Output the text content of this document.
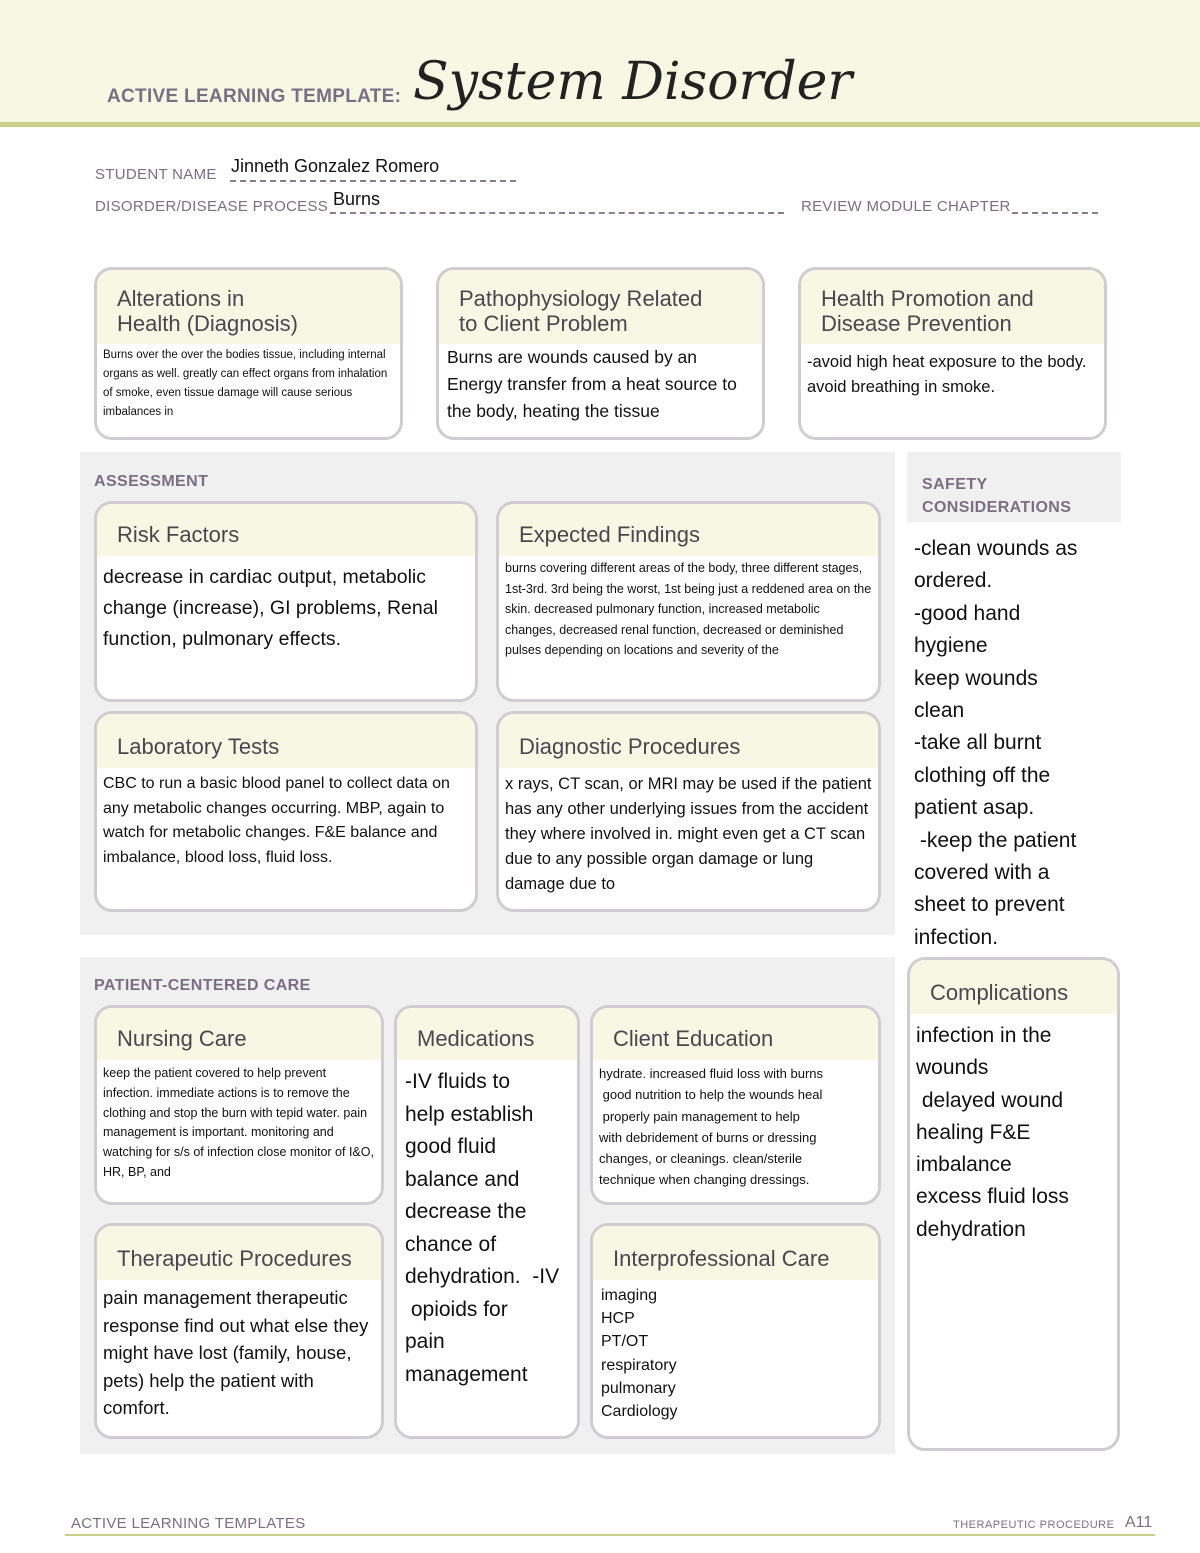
ACTIVE LEARNING TEMPLATE: System Disorder
STUDENT NAME Jinneth Gonzalez Romero
DISORDER/DISEASE PROCESS Burns	REVIEW MODULE CHAPTER
Alterations in
Health (Diagnosis)
Burns over the over the bodies tissue, including internal organs as well. greatly can effect organs from inhalation of smoke, even tissue damage will cause serious imbalances in
Pathophysiology Related
to Client Problem
Burns are wounds caused by an Energy transfer from a heat source to the body, heating the tissue
Health Promotion and
Disease Prevention
-avoid high heat exposure to the body. avoid breathing in smoke.
ASSESSMENT
Risk Factors
decrease in cardiac output, metabolic change (increase), GI problems, Renal function, pulmonary effects.
Expected Findings
burns covering different areas of the body, three different stages, 1st-3rd. 3rd being the worst, 1st being just a reddened area on the skin. decreased pulmonary function, increased metabolic changes, decreased renal function, decreased or deminished pulses depending on locations and severity of the
Laboratory Tests
CBC to run a basic blood panel to collect data on any metabolic changes occurring. MBP, again to watch for metabolic changes. F&E balance and imbalance, blood loss, fluid loss.
Diagnostic Procedures
x rays, CT scan, or MRI may be used if the patient has any other underlying issues from the accident they where involved in. might even get a CT scan due to any possible organ damage or lung damage due to
SAFETY
CONSIDERATIONS
-clean wounds as
ordered.
-good hand
hygiene
keep wounds
clean
-take all burnt
clothing off the
patient asap.
-keep the patient
covered with a
sheet to prevent
infection.
PATIENT-CENTERED CARE
Nursing Care
keep the patient covered to help prevent infection. immediate actions is to remove the clothing and stop the burn with tepid water. pain management is important. monitoring and watching for s/s of infection close monitor of I&O, HR, BP, and
Medications
-IV fluids to
help establish
good fluid
balance and
decrease the
chance of
dehydration.  -IV
opioids for
pain
management
Client Education
hydrate. increased fluid loss with burns
good nutrition to help the wounds heal
properly pain management to help
with debridement of burns or dressing
changes, or cleanings. clean/sterile
technique when changing dressings.
Therapeutic Procedures
pain management therapeutic  response find out what else they might have lost (family, house, pets) help the patient with comfort.
Interprofessional Care
imaging
HCP
PT/OT
respiratory
pulmonary
Cardiology
Complications
infection in the
wounds
delayed wound
healing F&E
imbalance
excess fluid loss
dehydration
ACTIVE LEARNING TEMPLATES	THERAPEUTIC PROCEDURE A11
